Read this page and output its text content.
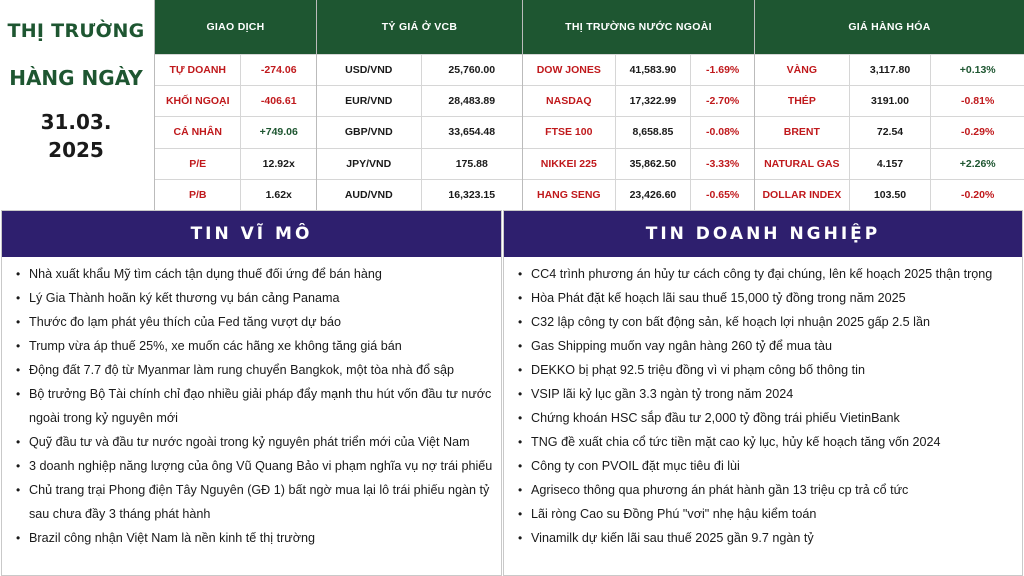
THỊ TRƯỜNG
HÀNG NGÀY
31.03.
2025
GIAO DỊCH
TỰ DOANH	-274.06
KHỐI NGOẠI	-406.61
CÁ NHÂN	+749.06
P/E	12.92x
P/B	1.62x
TỶ GIÁ Ở VCB
USD/VND	25,760.00
EUR/VND	28,483.89
GBP/VND	33,654.48
JPY/VND	175.88
AUD/VND	16,323.15
THỊ TRƯỜNG NƯỚC NGOÀI
DOW JONES	41,583.90	-1.69%
NASDAQ	17,322.99	-2.70%
FTSE 100	8,658.85	-0.08%
NIKKEI 225	35,862.50	-3.33%
HANG SENG	23,426.60	-0.65%
GIÁ HÀNG HÓA
VÀNG	3,117.80	+0.13%
THÉP	3191.00	-0.81%
BRENT	72.54	-0.29%
NATURAL GAS	4.157	+2.26%
DOLLAR INDEX	103.50	-0.20%
TIN VĨ MÔ
• Nhà xuất khẩu Mỹ tìm cách tận dụng thuế đối ứng để bán hàng
• Lý Gia Thành hoãn ký kết thương vụ bán cảng Panama
• Thước đo lạm phát yêu thích của Fed tăng vượt dự báo
• Trump vừa áp thuế 25%, xe muốn các hãng xe không tăng giá bán
• Động đất 7.7 độ từ Myanmar làm rung chuyển Bangkok, một tòa nhà đổ sập
• Bộ trưởng Bộ Tài chính chỉ đạo nhiều giải pháp đẩy mạnh thu hút vốn đầu tư nước ngoài trong kỷ nguyên mới
• Quỹ đầu tư và đầu tư nước ngoài trong kỷ nguyên phát triển mới của Việt Nam
• 3 doanh nghiệp năng lượng của ông Vũ Quang Bảo vi phạm nghĩa vụ nợ trái phiếu
• Chủ trang trại Phong điện Tây Nguyên (GĐ 1) bất ngờ mua lại lô trái phiếu ngàn tỷ sau chưa đầy 3 tháng phát hành
• Brazil công nhận Việt Nam là nền kinh tế thị trường
TIN DOANH NGHIỆP
• CC4 trình phương án hủy tư cách công ty đại chúng, lên kế hoạch 2025 thận trọng
• Hòa Phát đặt kế hoạch lãi sau thuế 15,000 tỷ đồng trong năm 2025
• C32 lập công ty con bất động sản, kế hoạch lợi nhuận 2025 gấp 2.5 lần
• Gas Shipping muốn vay ngân hàng 260 tỷ để mua tàu
• DEKKO bị phạt 92.5 triệu đồng vì vi phạm công bố thông tin
• VSIP lãi kỷ lục gần 3.3 ngàn tỷ trong năm 2024
• Chứng khoán HSC sắp đầu tư 2,000 tỷ đồng trái phiếu VietinBank
• TNG đề xuất chia cổ tức tiền mặt cao kỷ lục, hủy kế hoạch tăng vốn 2024
• Công ty con PVOIL đặt mục tiêu đi lùi
• Agriseco thông qua phương án phát hành gần 13 triệu cp trả cổ tức
• Lãi ròng Cao su Đồng Phú "vơi" nhẹ hậu kiểm toán
• Vinamilk dự kiến lãi sau thuế 2025 gần 9.7 ngàn tỷ
